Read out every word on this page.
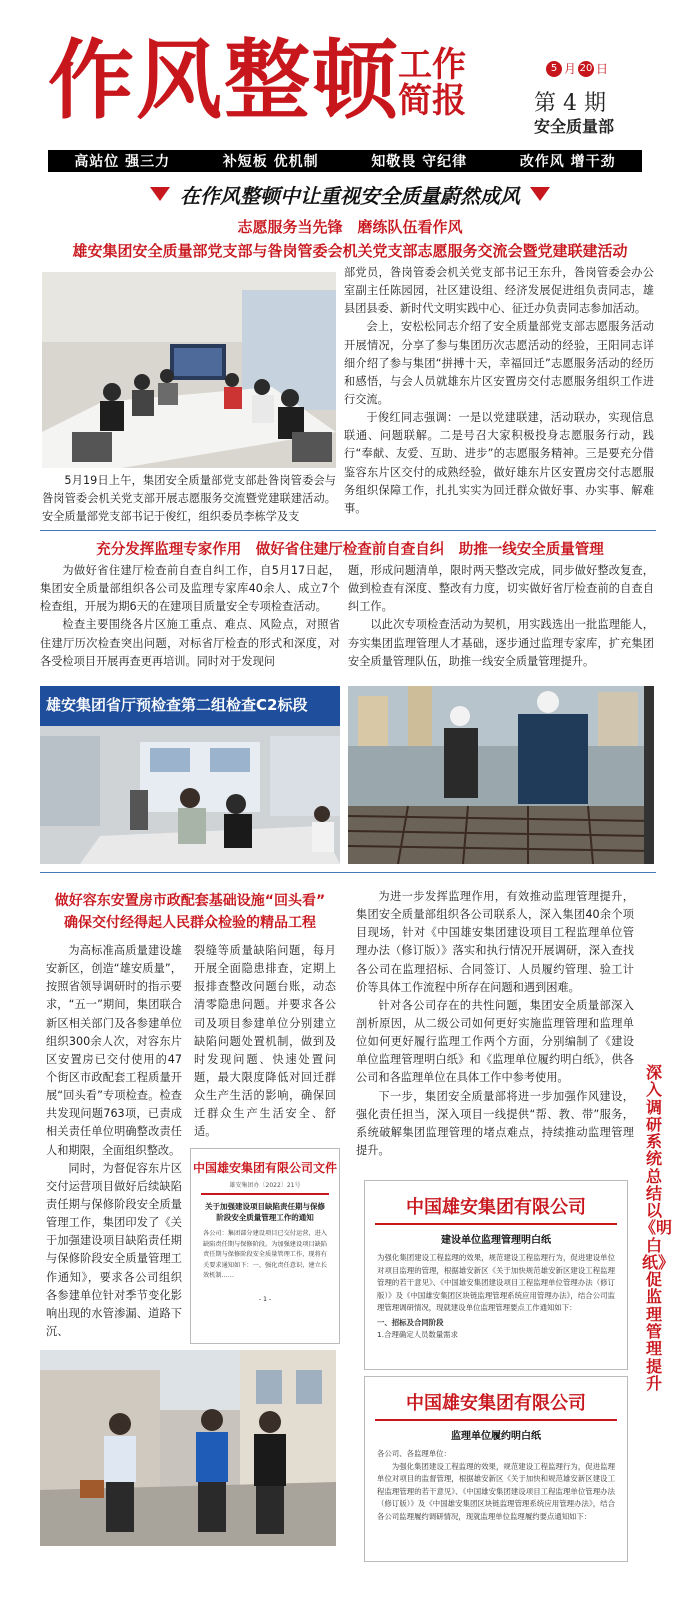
作风整顿
工作简报
5 月 20 日
第 4 期
安全质量部
高站位 强三力	补短板 优机制	知敬畏 守纪律	改作风 增干劲
在作风整顿中让重视安全质量蔚然成风
志愿服务当先锋　磨练队伍看作风
雄安集团安全质量部党支部与昝岗管委会机关党支部志愿服务交流会暨党建联建活动

5月19日上午，集团安全质量部党支部赴昝岗管委会与昝岗管委会机关党支部开展志愿服务交流暨党建联建活动。安全质量部党支部书记于俊红，组织委员李栋学及支

部党员，昝岗管委会机关党支部书记王东升，昝岗管委会办公室副主任陈园园，社区建设组、经济发展促进组负责同志，雄县团县委、新时代文明实践中心、征迁办负责同志参加活动。

会上，安松松同志介绍了安全质量部党支部志愿服务活动开展情况，分享了参与集团历次志愿活动的经验，王阳同志详细介绍了参与集团“拼搏十天，幸福回迁”志愿服务活动的经历和感悟，与会人员就雄东片区安置房交付志愿服务组织工作进行交流。

于俊红同志强调：一是以党建联建，活动联办，实现信息联通、问题联解。二是号召大家积极投身志愿服务行动，践行“奉献、友爱、互助、进步”的志愿服务精神。三是要充分借鉴容东片区交付的成熟经验，做好雄东片区安置房交付志愿服务组织保障工作，扎扎实实为回迁群众做好事、办实事、解难事。

充分发挥监理专家作用　做好省住建厅检查前自查自纠　助推一线安全质量管理

为做好省住建厅检查前自查自纠工作，自5月17日起，集团安全质量部组织各公司及监理专家库40余人、成立7个检查组，开展为期6天的在建项目质量安全专项检查活动。

检查主要围绕各片区施工重点、难点、风险点，对照省住建厅历次检查突出问题，对标省厅检查的形式和深度，对各受检项目开展再查更再培训。同时对于发现问

题，形成问题清单，限时两天整改完成，同步做好整改复查，做到检查有深度、整改有力度，切实做好省厅检查前的自查自纠工作。

以此次专项检查活动为契机，用实践选出一批监理能人，夯实集团监理管理人才基础，逐步通过监理专家库，扩充集团安全质量管理队伍，助推一线安全质量管理提升。

雄安集团省厅预检查第二组检查C2标段
做好容东安置房市政配套基础设施“回头看”
确保交付经得起人民群众检验的精品工程

为高标准高质量建设雄安新区，创造“雄安质量”，按照省领导调研时的指示要求，“五一”期间，集团联合新区相关部门及各参建单位组织300余人次，对容东片区安置房已交付使用的47个街区市政配套工程质量开展“回头看”专项检查。检查共发现问题763项，已责成相关责任单位明确整改责任人和期限，全面组织整改。

同时，为督促容东片区交付运营项目做好后续缺陷责任期与保修阶段安全质量管理工作，集团印发了《关于加强建设项目缺陷责任期与保修阶段安全质量管理工作通知》，要求各公司组织各参建单位针对季节变化影响出现的水管渗漏、道路下沉、

裂缝等质量缺陷问题，每月开展全面隐患排查，定期上报排查整改问题台账，动态清零隐患问题。并要求各公司及项目参建单位分别建立缺陷问题处置机制，做到及时发现问题、快速处置问题，最大限度降低对回迁群众生产生活的影响，确保回迁群众生产生活安全、舒适。

中国雄安集团有限公司文件
雄安集团办〔2022〕21号
关于加强建设项目缺陷责任期与保修阶段安全质量管理工作的通知
各公司：集团部分建设项目已交付运营，进入缺陷责任期与保修阶段。为加强建设项目缺陷责任期与保修阶段安全质量管理工作，现将有关要求通知如下：一、强化责任意识，建立长效机制……
- 1 -

为进一步发挥监理作用，有效推动监理管理提升，集团安全质量部组织各公司联系人，深入集团40余个项目现场，针对《中国雄安集团建设项目工程监理单位管理办法（修订版）》落实和执行情况开展调研，深入查找各公司在监理招标、合同签订、人员履约管理、验工计价等具体工作流程中所存在问题和遇到困难。

针对各公司存在的共性问题，集团安全质量部深入剖析原因，从二级公司如何更好实施监理管理和监理单位如何更好履行监理工作两个方面，分别编制了《建设单位监理管理明白纸》和《监理单位履约明白纸》，供各公司和各监理单位在具体工作中参考使用。

下一步，集团安全质量部将进一步加强作风建设，强化责任担当，深入项目一线提供“帮、教、带”服务，系统破解集团监理管理的堵点难点，持续推动监理管理提升。

深入调研　系统总结　以《明白纸》促监理管理提升
中国雄安集团有限公司
建设单位监理管理明白纸
为强化集团建设工程监理的效果，规范建设工程监理行为，促进建设单位对项目监理的管理，根据雄安新区《关于加快规范雄安新区建设工程监理管理的若干意见》、《中国雄安集团建设项目工程监理单位管理办法（修订版）》及《中国雄安集团区块链监理管理系统应用管理办法》，结合公司监理管理调研情况，现就建设单位监理管理要点工作通知如下：
一、招标及合同阶段
1.合理确定人员数量需求
中国雄安集团有限公司
监理单位履约明白纸
各公司、各监理单位：
为强化集团建设工程监理的效果，规范建设工程监理行为，促进监理单位对项目的监督管理，根据雄安新区《关于加快和规范雄安新区建设工程监理管理的若干意见》、《中国雄安集团建设项目工程监理单位管理办法（修订版）》及《中国雄安集团区块链监理管理系统应用管理办法》，结合各公司监理履约调研情况，现就监理单位监理履约要点通知如下：
